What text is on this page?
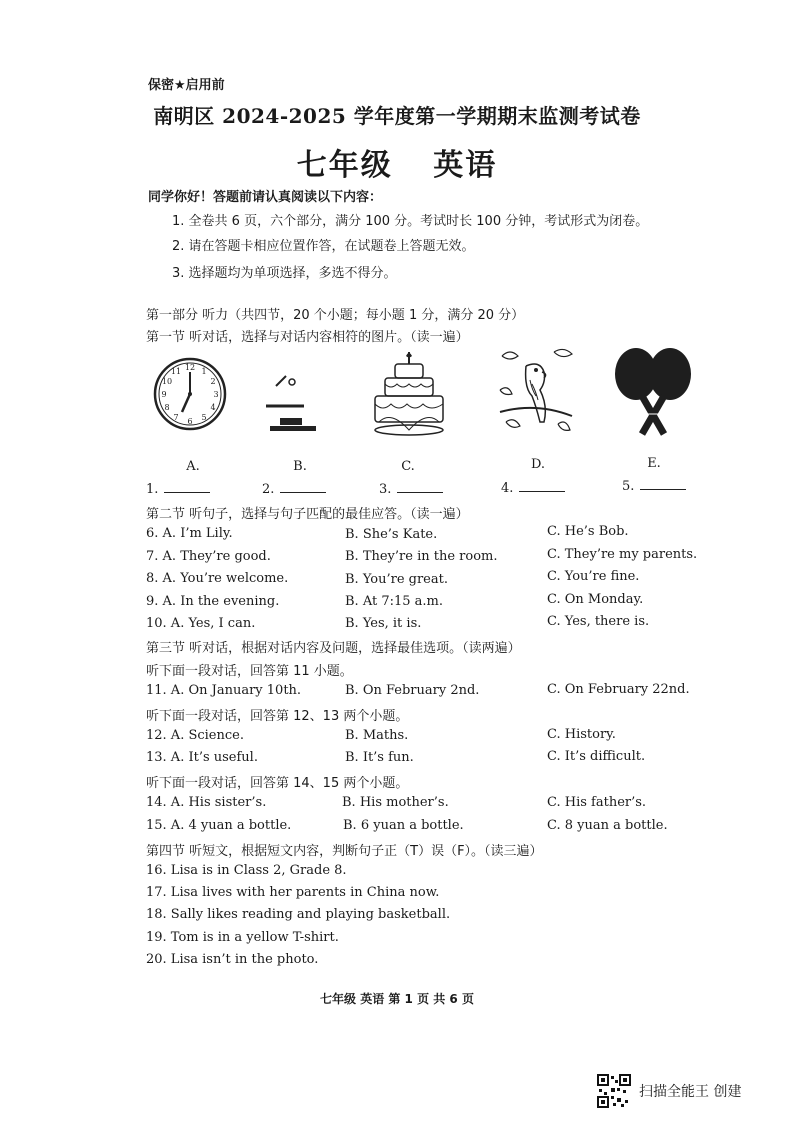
保密★启用前
南明区 2024-2025 学年度第一学期期末监测考试卷
七年级 英语
同学你好！答题前请认真阅读以下内容：
1. 全卷共 6 页，六个部分，满分 100 分。考试时长 100 分钟，考试形式为闭卷。
2. 请在答题卡相应位置作答，在试题卷上答题无效。
3. 选择题均为单项选择，多选不得分。
第一部分 听力（共四节，20 个小题；每小题 1 分，满分 20 分）
第一节 听对话，选择与对话内容相符的图片。（读一遍）
12 1
2
3
4
5
6
7
8
9
10
11
A.	B.	C.	D.	E.
1.	2.	3.	4.	5.
第二节 听句子，选择与句子匹配的最佳应答。（读一遍）
6. A. I’m Lily.	B. She’s Kate.	C. He’s Bob.
7. A. They’re good.	B. They’re in the room.	C. They’re my parents.
8. A. You’re welcome.	B. You’re great.	C. You’re fine.
9. A. In the evening.	B. At 7:15 a.m.	C. On Monday.
10. A. Yes, I can.	B. Yes, it is.	C. Yes, there is.
第三节 听对话，根据对话内容及问题，选择最佳选项。（读两遍）
听下面一段对话，回答第 11 小题。
11. A. On January 10th.	B. On February 2nd.	C. On February 22nd.
听下面一段对话，回答第 12、13 两个小题。
12. A. Science.	B. Maths.	C. History.
13. A. It’s useful.	B. It’s fun.	C. It’s difficult.
听下面一段对话，回答第 14、15 两个小题。
14. A. His sister’s.	B. His mother’s.	C. His father’s.
15. A. 4 yuan a bottle.	B. 6 yuan a bottle.	C. 8 yuan a bottle.
第四节 听短文，根据短文内容，判断句子正（T）误（F）。（读三遍）
16. Lisa is in Class 2, Grade 8.
17. Lisa lives with her parents in China now.
18. Sally likes reading and playing basketball.
19. Tom is in a yellow T-shirt.
20. Lisa isn’t in the photo.
七年级 英语 第 1 页 共 6 页
扫描全能王 创建
